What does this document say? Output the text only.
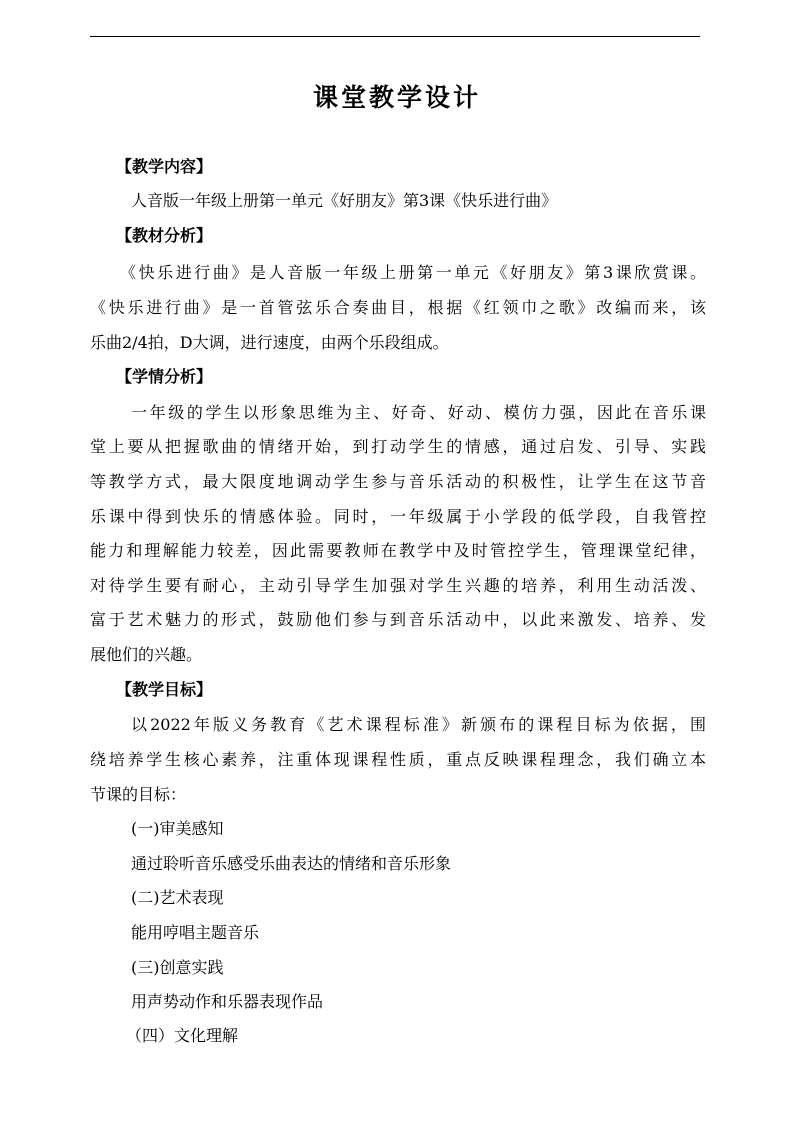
课堂教学设计
【教学内容】
人音版一年级上册第一单元《好朋友》第3课《快乐进行曲》
【教材分析】
《快乐进行曲》是人音版一年级上册第一单元《好朋友》第3课欣赏课。
《快乐进行曲》是一首管弦乐合奏曲目，根据《红领巾之歌》改编而来，该
乐曲2/4拍，D大调，进行速度，由两个乐段组成。
【学情分析】
一年级的学生以形象思维为主、好奇、好动、模仿力强，因此在音乐课
堂上要从把握歌曲的情绪开始，到打动学生的情感，通过启发、引导、实践
等教学方式，最大限度地调动学生参与音乐活动的积极性，让学生在这节音
乐课中得到快乐的情感体验。同时，一年级属于小学段的低学段，自我管控
能力和理解能力较差，因此需要教师在教学中及时管控学生，管理课堂纪律，
对待学生要有耐心，主动引导学生加强对学生兴趣的培养，利用生动活泼、
富于艺术魅力的形式，鼓励他们参与到音乐活动中，以此来激发、培养、发
展他们的兴趣。
【教学目标】
以2022年版义务教育《艺术课程标准》新颁布的课程目标为依据，围
绕培养学生核心素养，注重体现课程性质，重点反映课程理念，我们确立本
节课的目标：
(一)审美感知
通过聆听音乐感受乐曲表达的情绪和音乐形象
(二)艺术表现
能用哼唱主题音乐
(三)创意实践
用声势动作和乐器表现作品
（四）文化理解
